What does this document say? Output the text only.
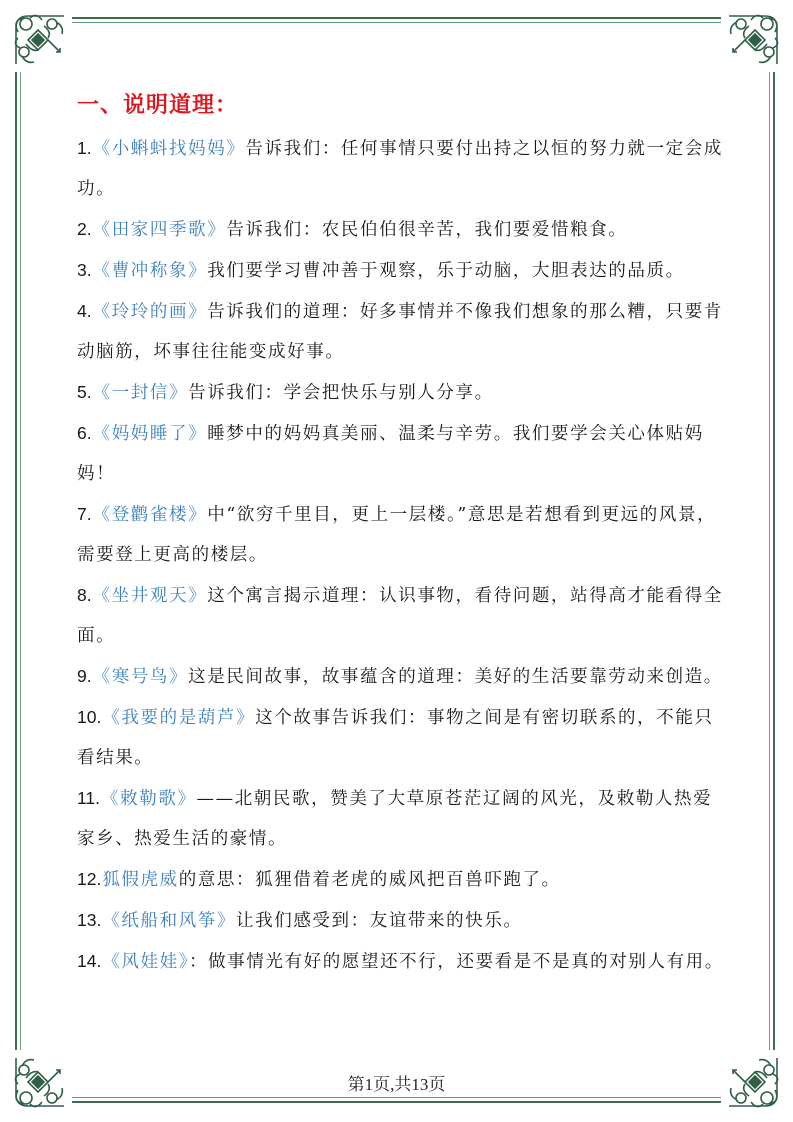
一、说明道理：

1.《小蝌蚪找妈妈》告诉我们：任何事情只要付出持之以恒的努力就一定会成功。

2.《田家四季歌》告诉我们：农民伯伯很辛苦，我们要爱惜粮食。

3.《曹冲称象》我们要学习曹冲善于观察，乐于动脑，大胆表达的品质。

4.《玲玲的画》告诉我们的道理：好多事情并不像我们想象的那么糟，只要肯动脑筋，坏事往往能变成好事。

5.《一封信》告诉我们：学会把快乐与别人分享。

6.《妈妈睡了》睡梦中的妈妈真美丽、温柔与辛劳。我们要学会关心体贴妈妈！

7.《登鹳雀楼》中“欲穷千里目，更上一层楼。”意思是若想看到更远的风景，需要登上更高的楼层。

8.《坐井观天》这个寓言揭示道理：认识事物，看待问题，站得高才能看得全面。

9.《寒号鸟》这是民间故事，故事蕴含的道理：美好的生活要靠劳动来创造。

10.《我要的是葫芦》这个故事告诉我们：事物之间是有密切联系的，不能只看结果。

11.《敕勒歌》——北朝民歌，赞美了大草原苍茫辽阔的风光，及敕勒人热爱家乡、热爱生活的豪情。

12.狐假虎威的意思：狐狸借着老虎的威风把百兽吓跑了。

13.《纸船和风筝》让我们感受到：友谊带来的快乐。

14.《风娃娃》：做事情光有好的愿望还不行，还要看是不是真的对别人有用。

第1页,共13页
